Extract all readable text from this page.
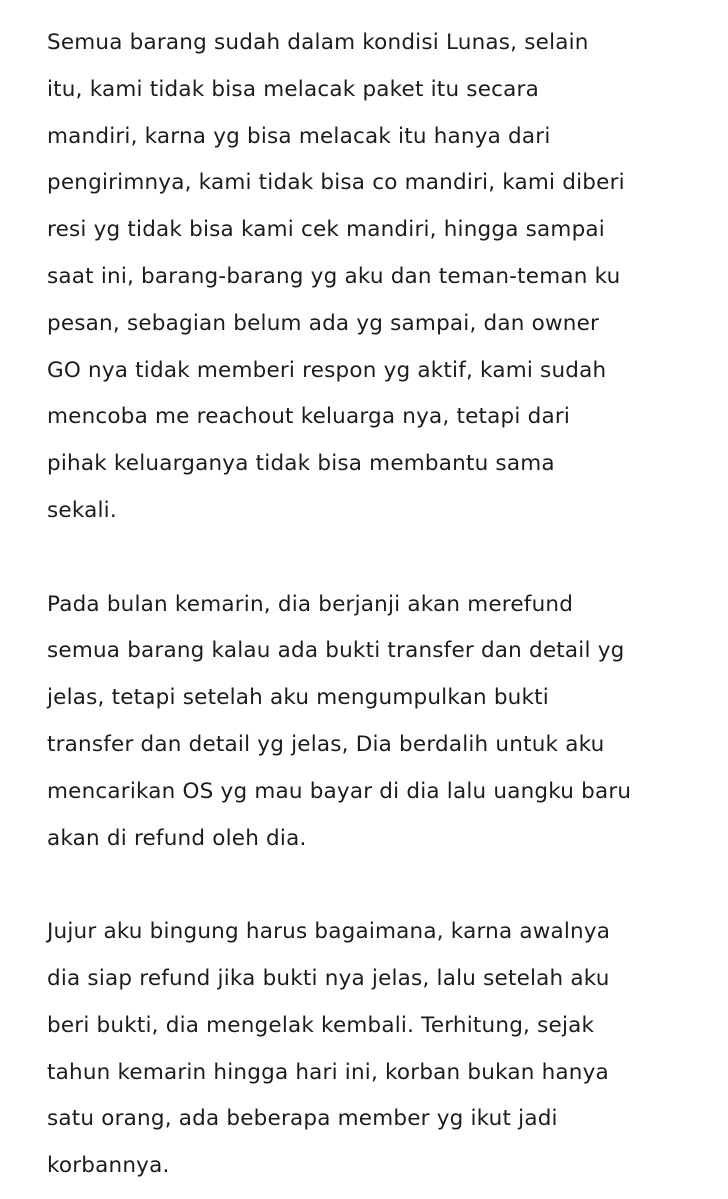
Semua barang sudah dalam kondisi Lunas, selain
itu, kami tidak bisa melacak paket itu secara
mandiri, karna yg bisa melacak itu hanya dari
pengirimnya, kami tidak bisa co mandiri, kami diberi
resi yg tidak bisa kami cek mandiri, hingga sampai
saat ini, barang-barang yg aku dan teman-teman ku
pesan, sebagian belum ada yg sampai, dan owner
GO nya tidak memberi respon yg aktif, kami sudah
mencoba me reachout keluarga nya, tetapi dari
pihak keluarganya tidak bisa membantu sama
sekali.

Pada bulan kemarin, dia berjanji akan merefund
semua barang kalau ada bukti transfer dan detail yg
jelas, tetapi setelah aku mengumpulkan bukti
transfer dan detail yg jelas, Dia berdalih untuk aku
mencarikan OS yg mau bayar di dia lalu uangku baru
akan di refund oleh dia.

Jujur aku bingung harus bagaimana, karna awalnya
dia siap refund jika bukti nya jelas, lalu setelah aku
beri bukti, dia mengelak kembali. Terhitung, sejak
tahun kemarin hingga hari ini, korban bukan hanya
satu orang, ada beberapa member yg ikut jadi
korbannya.
